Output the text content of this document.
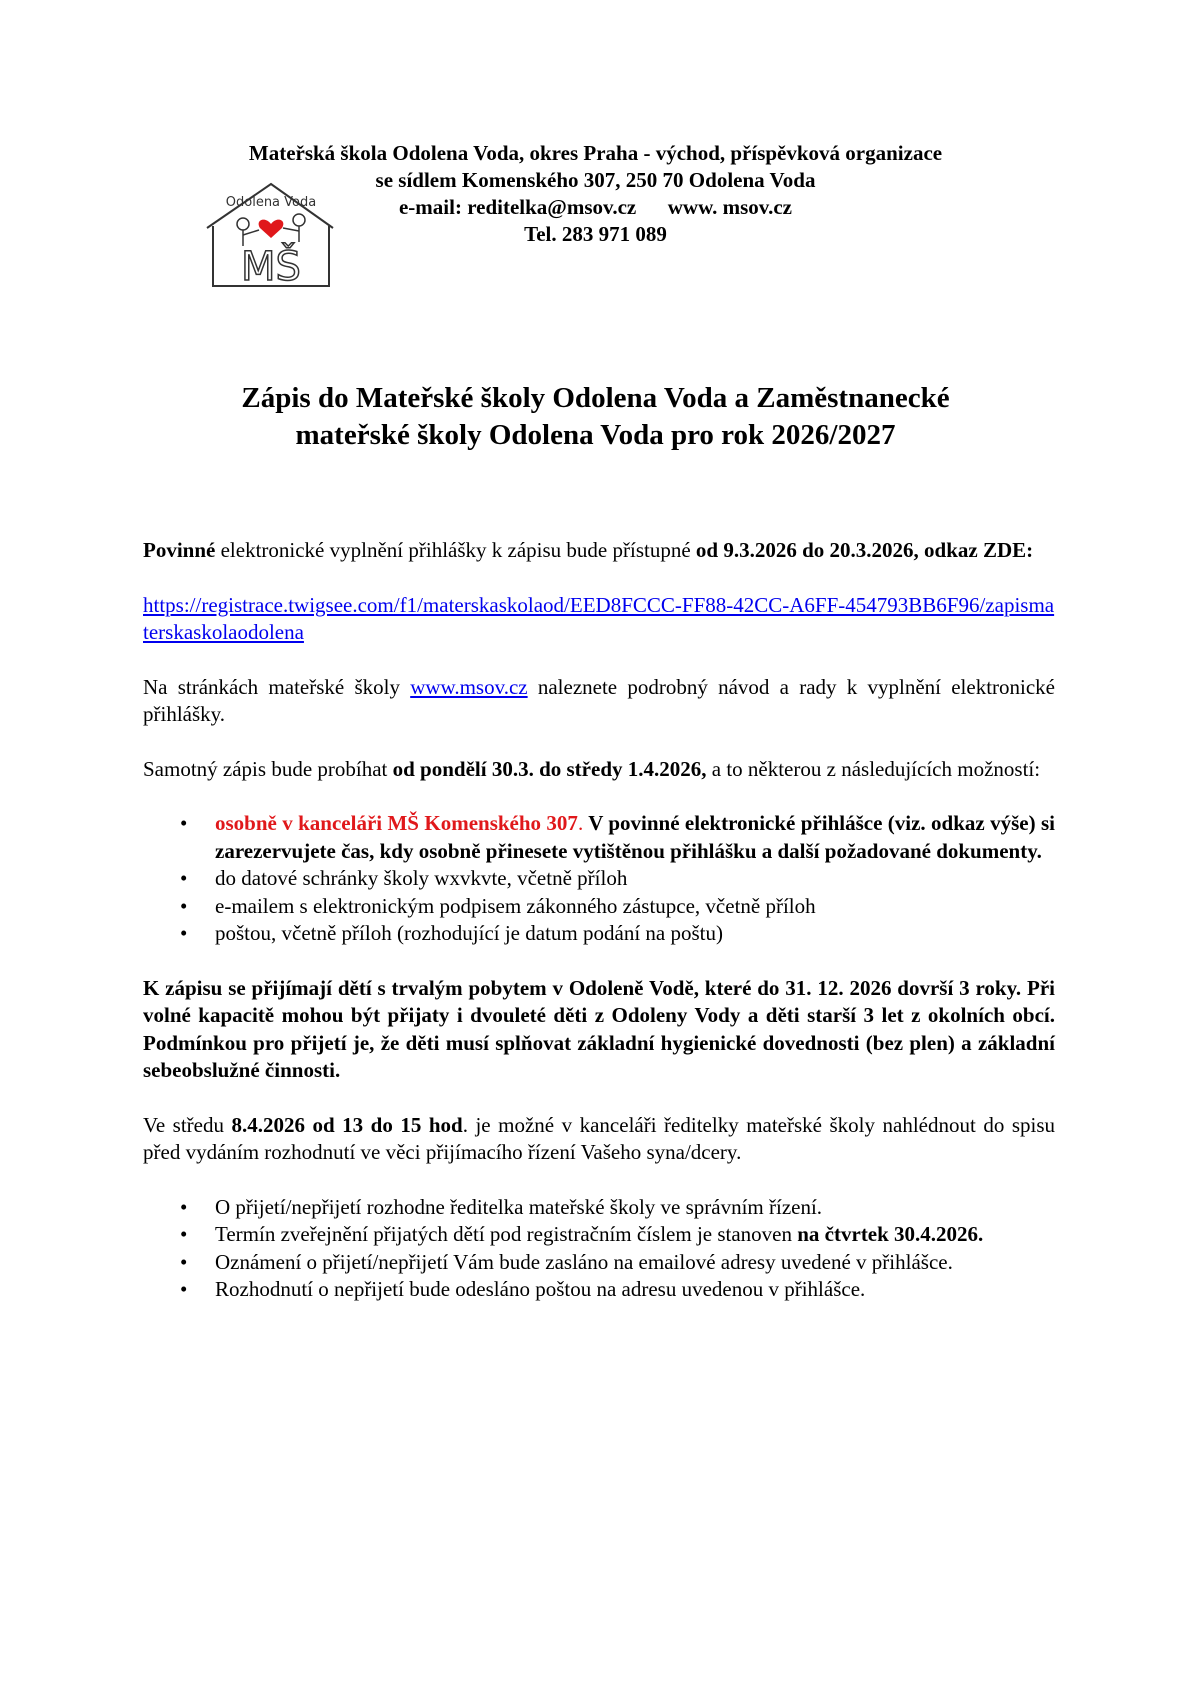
Mateřská škola Odolena Voda, okres Praha - východ, příspěvková organizace
se sídlem Komenského 307, 250 70 Odolena Voda
e-mail: reditelka@msov.cz www. msov.cz
Tel. 283 971 089
Odolena Voda
MŠ
Zápis do Mateřské školy Odolena Voda a Zaměstnanecké
mateřské školy Odolena Voda pro rok 2026/2027

Povinné elektronické vyplnění přihlášky k zápisu bude přístupné od 9.3.2026 do 20.3.2026, odkaz ZDE:

https://registrace.twigsee.com/f1/materskaskolaod/EED8FCCC-FF88-42CC-A6FF-454793BB6F96/zapismaterskaskolaodolena

Na stránkách mateřské školy www.msov.cz naleznete podrobný návod a rady k vyplnění elektronické přihlášky.

Samotný zápis bude probíhat od pondělí 30.3. do středy 1.4.2026, a to některou z následujících možností:

• osobně v kanceláři MŠ Komenského 307. V povinné elektronické přihlášce (viz. odkaz výše) si zarezervujete čas, kdy osobně přinesete vytištěnou přihlášku a další požadované dokumenty.
• do datové schránky školy wxvkvte, včetně příloh
• e-mailem s elektronickým podpisem zákonného zástupce, včetně příloh
• poštou, včetně příloh (rozhodující je datum podání na poštu)

K zápisu se přijímají dětí s trvalým pobytem v Odoleně Vodě, které do 31. 12. 2026 dovrší 3 roky. Při volné kapacitě mohou být přijaty i dvouleté děti z Odoleny Vody a děti starší 3 let z okolních obcí. Podmínkou pro přijetí je, že děti musí splňovat základní hygienické dovednosti (bez plen) a základní sebeobslužné činnosti.

Ve středu 8.4.2026 od 13 do 15 hod. je možné v kanceláři ředitelky mateřské školy nahlédnout do spisu před vydáním rozhodnutí ve věci přijímacího řízení Vašeho syna/dcery.

• O přijetí/nepřijetí rozhodne ředitelka mateřské školy ve správním řízení.
• Termín zveřejnění přijatých dětí pod registračním číslem je stanoven na čtvrtek 30.4.2026.
• Oznámení o přijetí/nepřijetí Vám bude zasláno na emailové adresy uvedené v přihlášce.
• Rozhodnutí o nepřijetí bude odesláno poštou na adresu uvedenou v přihlášce.
